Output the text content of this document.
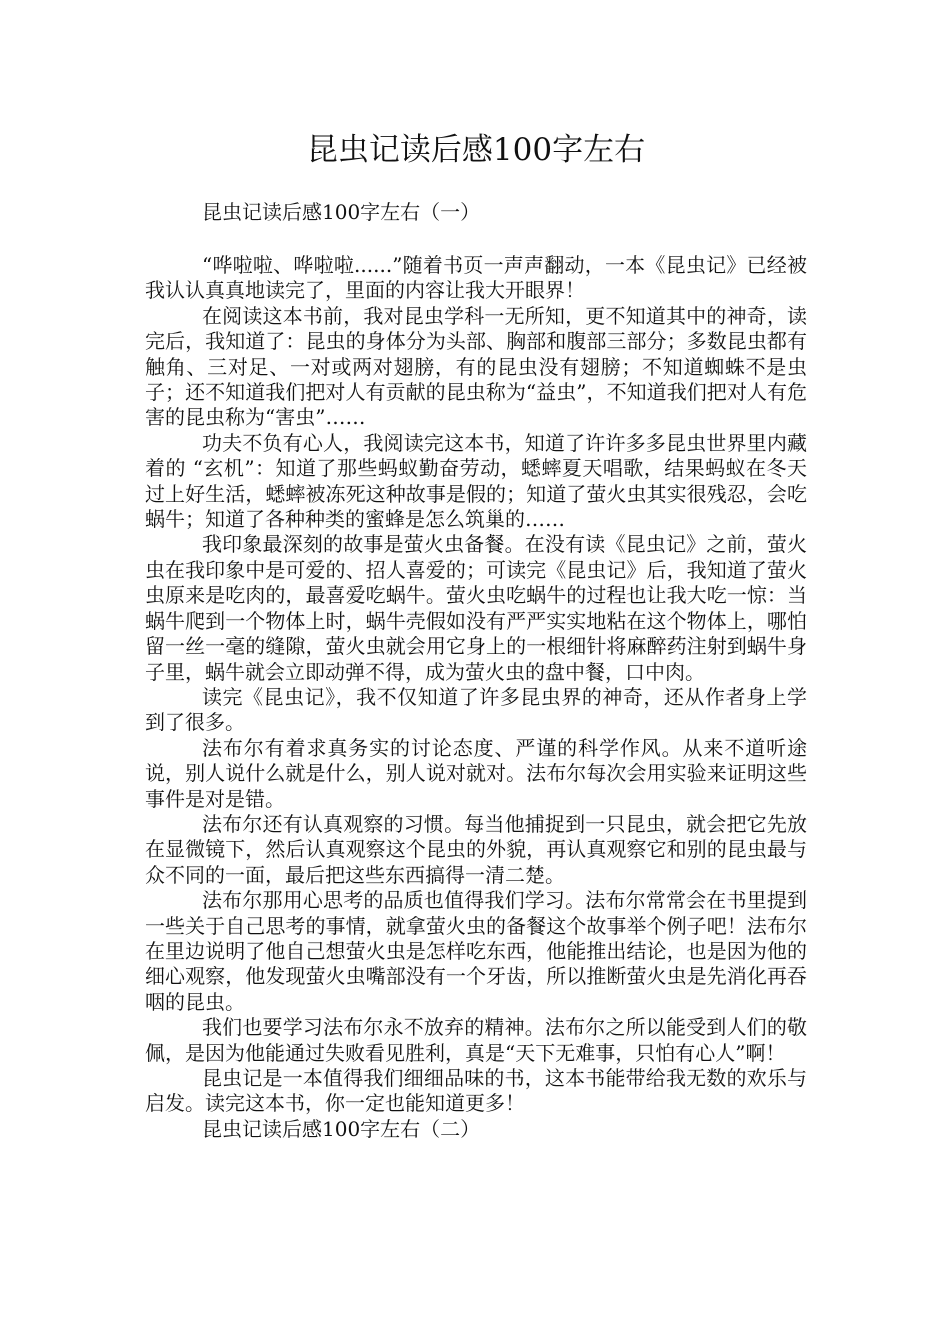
昆虫记读后感100字左右
昆虫记读后感100字左右（一）

“哗啦啦、哗啦啦......”随着书页一声声翻动，一本《昆虫记》已经被我认认真真地读完了，里面的内容让我大开眼界！

在阅读这本书前，我对昆虫学科一无所知，更不知道其中的神奇，读完后，我知道了：昆虫的身体分为头部、胸部和腹部三部分；多数昆虫都有触角、三对足、一对或两对翅膀，有的昆虫没有翅膀；不知道蜘蛛不是虫子；还不知道我们把对人有贡献的昆虫称为“益虫”，不知道我们把对人有危害的昆虫称为“害虫”……

功夫不负有心人，我阅读完这本书，知道了许许多多昆虫世界里内藏着的 “玄机”：知道了那些蚂蚁勤奋劳动，蟋蟀夏天唱歌，结果蚂蚁在冬天过上好生活，蟋蟀被冻死这种故事是假的；知道了萤火虫其实很残忍，会吃蜗牛；知道了各种种类的蜜蜂是怎么筑巢的……

我印象最深刻的故事是萤火虫备餐。在没有读《昆虫记》之前，萤火虫在我印象中是可爱的、招人喜爱的；可读完《昆虫记》后，我知道了萤火虫原来是吃肉的，最喜爱吃蜗牛。萤火虫吃蜗牛的过程也让我大吃一惊：当蜗牛爬到一个物体上时，蜗牛壳假如没有严严实实地粘在这个物体上，哪怕留一丝一毫的缝隙，萤火虫就会用它身上的一根细针将麻醉药注射到蜗牛身子里，蜗牛就会立即动弹不得，成为萤火虫的盘中餐，口中肉。

读完《昆虫记》，我不仅知道了许多昆虫界的神奇，还从作者身上学到了很多。

法布尔有着求真务实的讨论态度、严谨的科学作风。从来不道听途说，别人说什么就是什么，别人说对就对。法布尔每次会用实验来证明这些事件是对是错。

法布尔还有认真观察的习惯。每当他捕捉到一只昆虫，就会把它先放在显微镜下，然后认真观察这个昆虫的外貌，再认真观察它和别的昆虫最与众不同的一面，最后把这些东西搞得一清二楚。

法布尔那用心思考的品质也值得我们学习。法布尔常常会在书里提到一些关于自己思考的事情，就拿萤火虫的备餐这个故事举个例子吧！法布尔在里边说明了他自己想萤火虫是怎样吃东西，他能推出结论，也是因为他的细心观察，他发现萤火虫嘴部没有一个牙齿，所以推断萤火虫是先消化再吞咽的昆虫。

我们也要学习法布尔永不放弃的精神。法布尔之所以能受到人们的敬佩，是因为他能通过失败看见胜利，真是“天下无难事，只怕有心人”啊！

昆虫记是一本值得我们细细品味的书，这本书能带给我无数的欢乐与启发。读完这本书，你一定也能知道更多！

昆虫记读后感100字左右（二）
